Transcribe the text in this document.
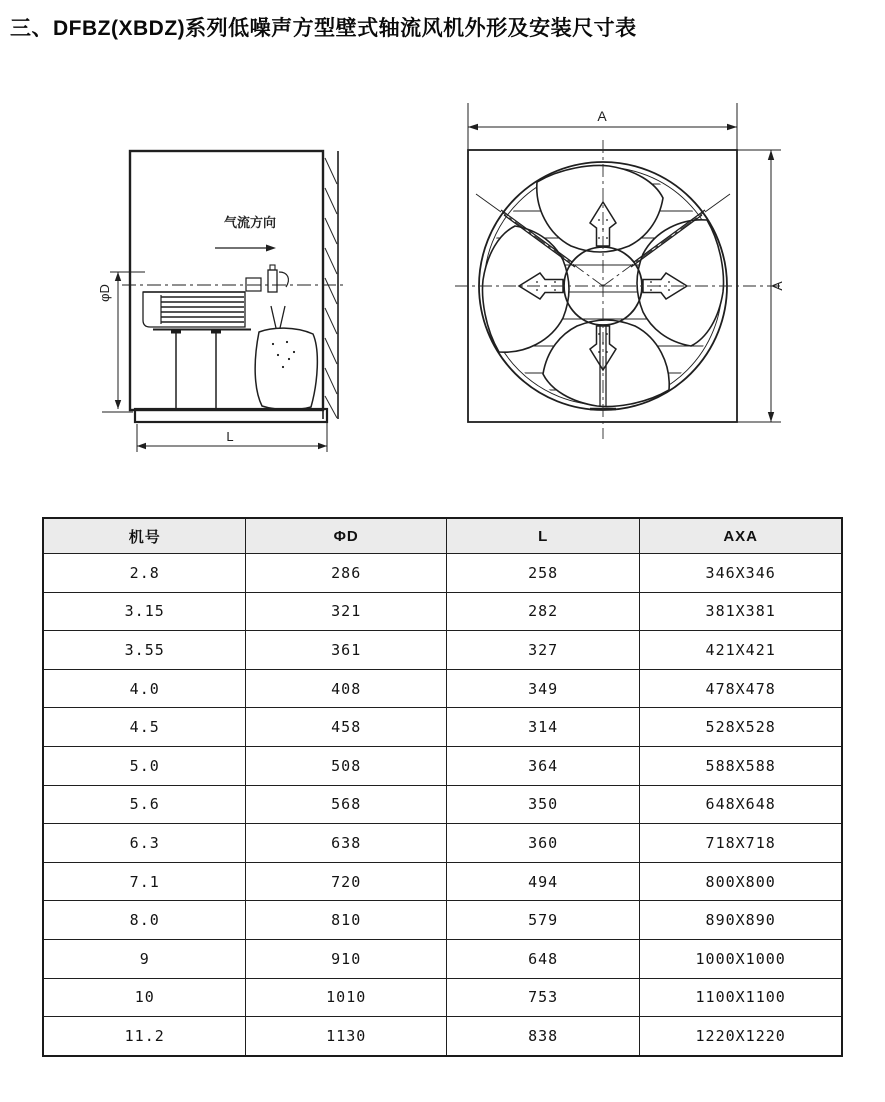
三、DFBZ(XBDZ)系列低噪声方型壁式轴流风机外形及安装尺寸表
气流方向
φD
L
A
A
机号	ΦD	L	AXA
2.8	286	258	346X346
3.15	321	282	381X381
3.55	361	327	421X421
4.0	408	349	478X478
4.5	458	314	528X528
5.0	508	364	588X588
5.6	568	350	648X648
6.3	638	360	718X718
7.1	720	494	800X800
8.0	810	579	890X890
9	910	648	1000X1000
10	1010	753	1100X1100
11.2	1130	838	1220X1220
